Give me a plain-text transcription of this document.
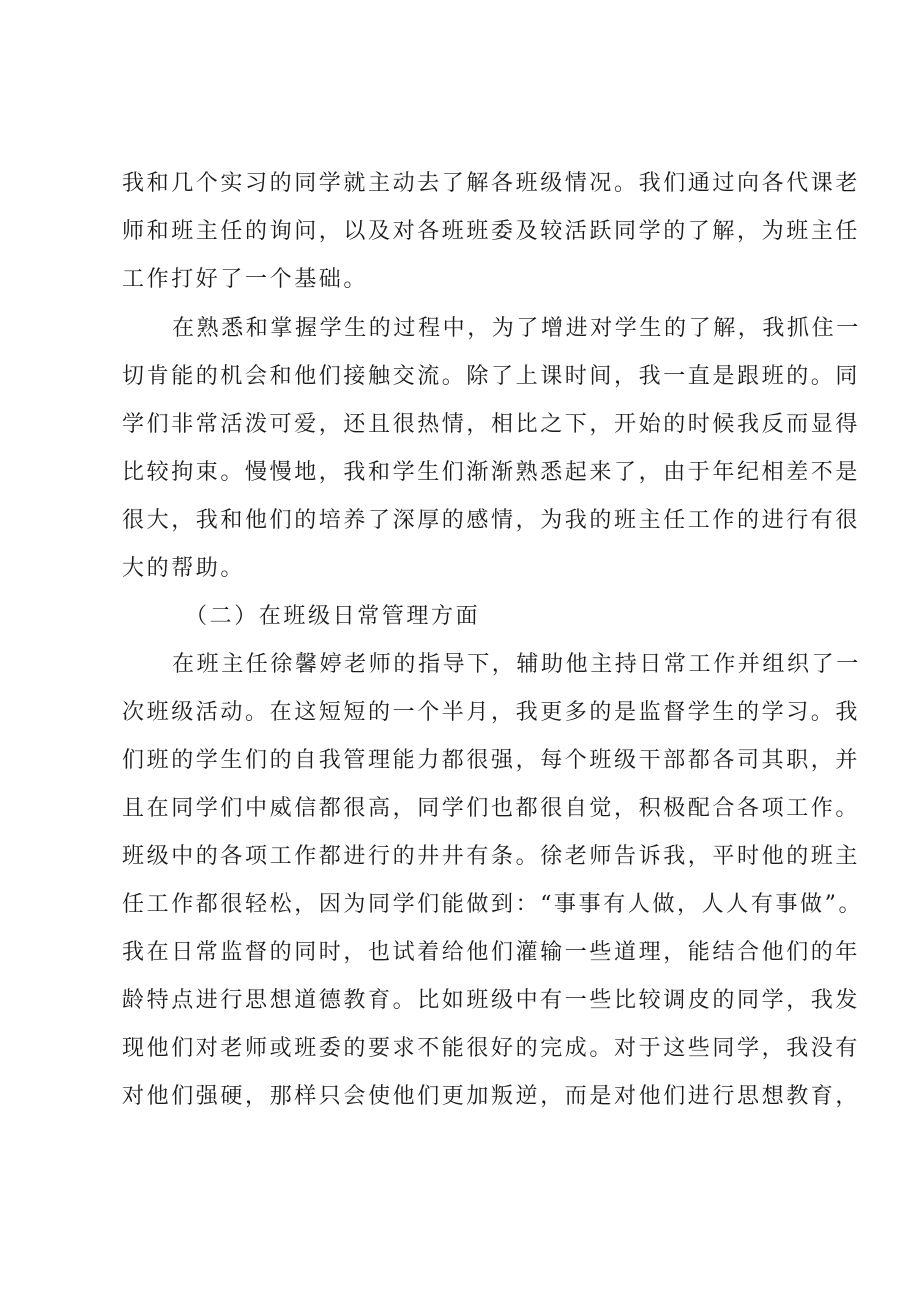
我和几个实习的同学就主动去了解各班级情况。我们通过向各代课老
师和班主任的询问，以及对各班班委及较活跃同学的了解，为班主任
工作打好了一个基础。
在熟悉和掌握学生的过程中，为了增进对学生的了解，我抓住一
切肯能的机会和他们接触交流。除了上课时间，我一直是跟班的。同
学们非常活泼可爱，还且很热情，相比之下，开始的时候我反而显得
比较拘束。慢慢地，我和学生们渐渐熟悉起来了，由于年纪相差不是
很大，我和他们的培养了深厚的感情，为我的班主任工作的进行有很
大的帮助。
（二）在班级日常管理方面
在班主任徐馨婷老师的指导下，辅助他主持日常工作并组织了一
次班级活动。在这短短的一个半月，我更多的是监督学生的学习。我
们班的学生们的自我管理能力都很强，每个班级干部都各司其职，并
且在同学们中威信都很高，同学们也都很自觉，积极配合各项工作。
班级中的各项工作都进行的井井有条。徐老师告诉我，平时他的班主
任工作都很轻松，因为同学们能做到：“事事有人做，人人有事做”。
我在日常监督的同时，也试着给他们灌输一些道理，能结合他们的年
龄特点进行思想道德教育。比如班级中有一些比较调皮的同学，我发
现他们对老师或班委的要求不能很好的完成。对于这些同学，我没有
对他们强硬，那样只会使他们更加叛逆，而是对他们进行思想教育，
